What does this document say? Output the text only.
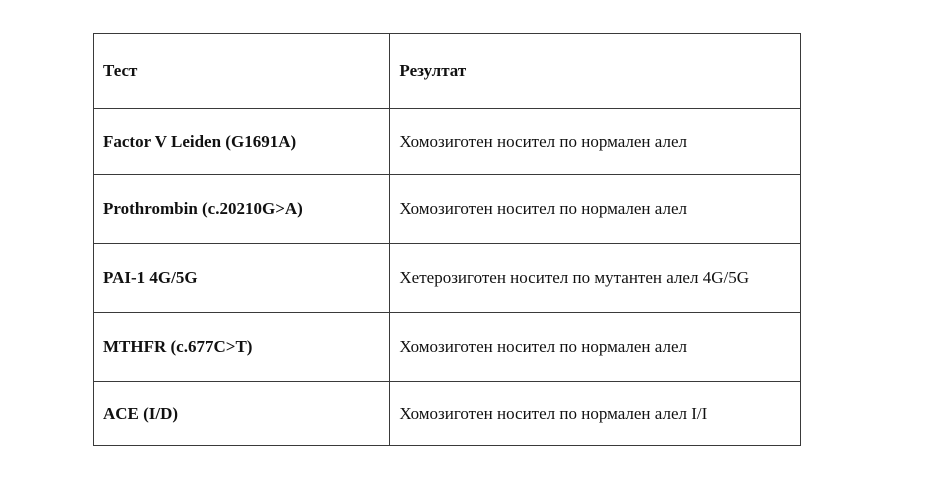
Тест	Резултат
Factor V Leiden (G1691A)	Хомозиготен носител по нормален алел
Prothrombin (c.20210G>A)	Хомозиготен носител по нормален алел
PAI-1 4G/5G	Хетерозиготен носител по мутантен алел 4G/5G
MTHFR (c.677C>T)	Хомозиготен носител по нормален алел
ACE (I/D)	Хомозиготен носител по нормален алел I/I
